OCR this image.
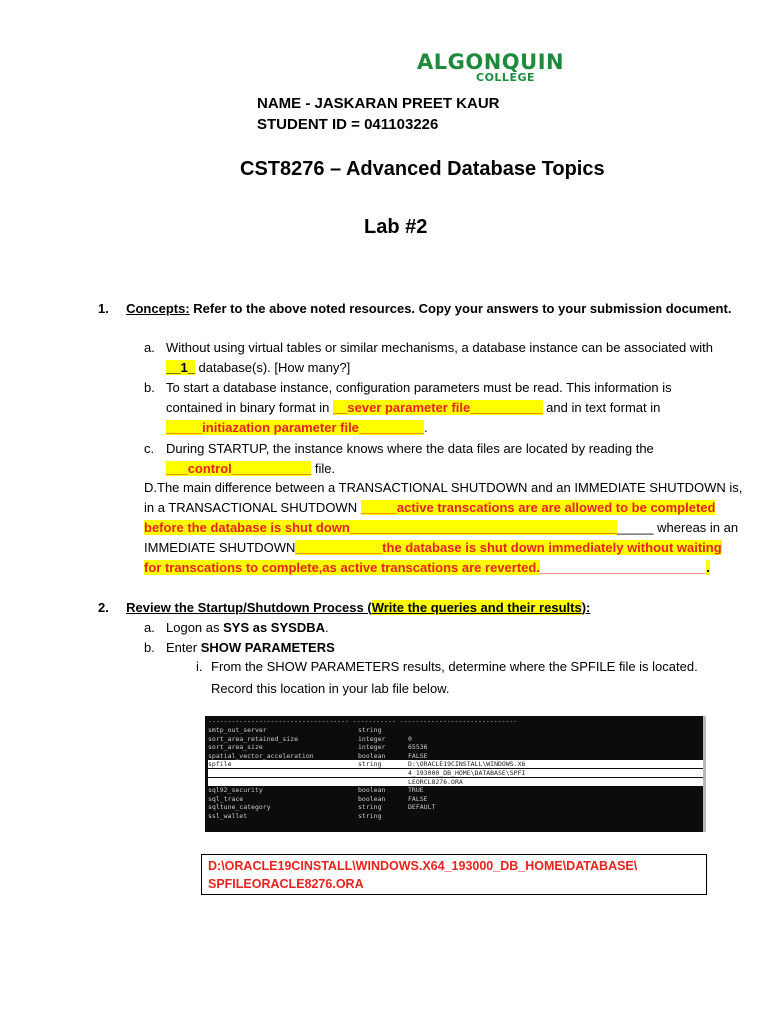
ALGONQUIN
COLLEGE
NAME - JASKARAN PREET KAUR
STUDENT ID = 041103226
CST8276 – Advanced Database Topics
Lab #2
1. Concepts: Refer to the above noted resources. Copy your answers to your submission document.
a. Without using virtual tables or similar mechanisms, a database instance can be associated with
__1_ database(s). [How many?]
b. To start a database instance, configuration parameters must be read. This information is
contained in binary format in __sever parameter file__________ and in text format in
_____initiazation parameter file_________.
c. During STARTUP, the instance knows where the data files are located by reading the
___control___________ file.
D.The main difference between a TRANSACTIONAL SHUTDOWN and an IMMEDIATE SHUTDOWN is,
in a TRANSACTIONAL SHUTDOWN _____active transcations are are allowed to be completed
before the database is shut down__________________________________________ whereas in an
IMMEDIATE SHUTDOWN____________the database is shut down immediately without waiting
for transcations to complete,as active transcations are reverted._______________________.
2. Review the Startup/Shutdown Process (Write the queries and their results):
a. Logon as SYS as SYSDBA.
b. Enter SHOW PARAMETERS
i. From the SHOW PARAMETERS results, determine where the SPFILE file is located.
Record this location in your lab file below.
------------------------------------ ----------- ------------------------------
smtp_out_server	string
sort_area_retained_size	integer	0
sort_area_size	integer	65536
spatial_vector_acceleration	boolean	FALSE
spfile	string	D:\ORACLE19CINSTALL\WINDOWS.X6
4_193000_DB_HOME\DATABASE\SPFI
LEORCL8276.ORA
sql92_security	boolean	TRUE
sql_trace	boolean	FALSE
sqltune_category	string	DEFAULT
ssl_wallet	string
D:\ORACLE19CINSTALL\WINDOWS.X64_193000_DB_HOME\DATABASE\
SPFILEORACLE8276.ORA
